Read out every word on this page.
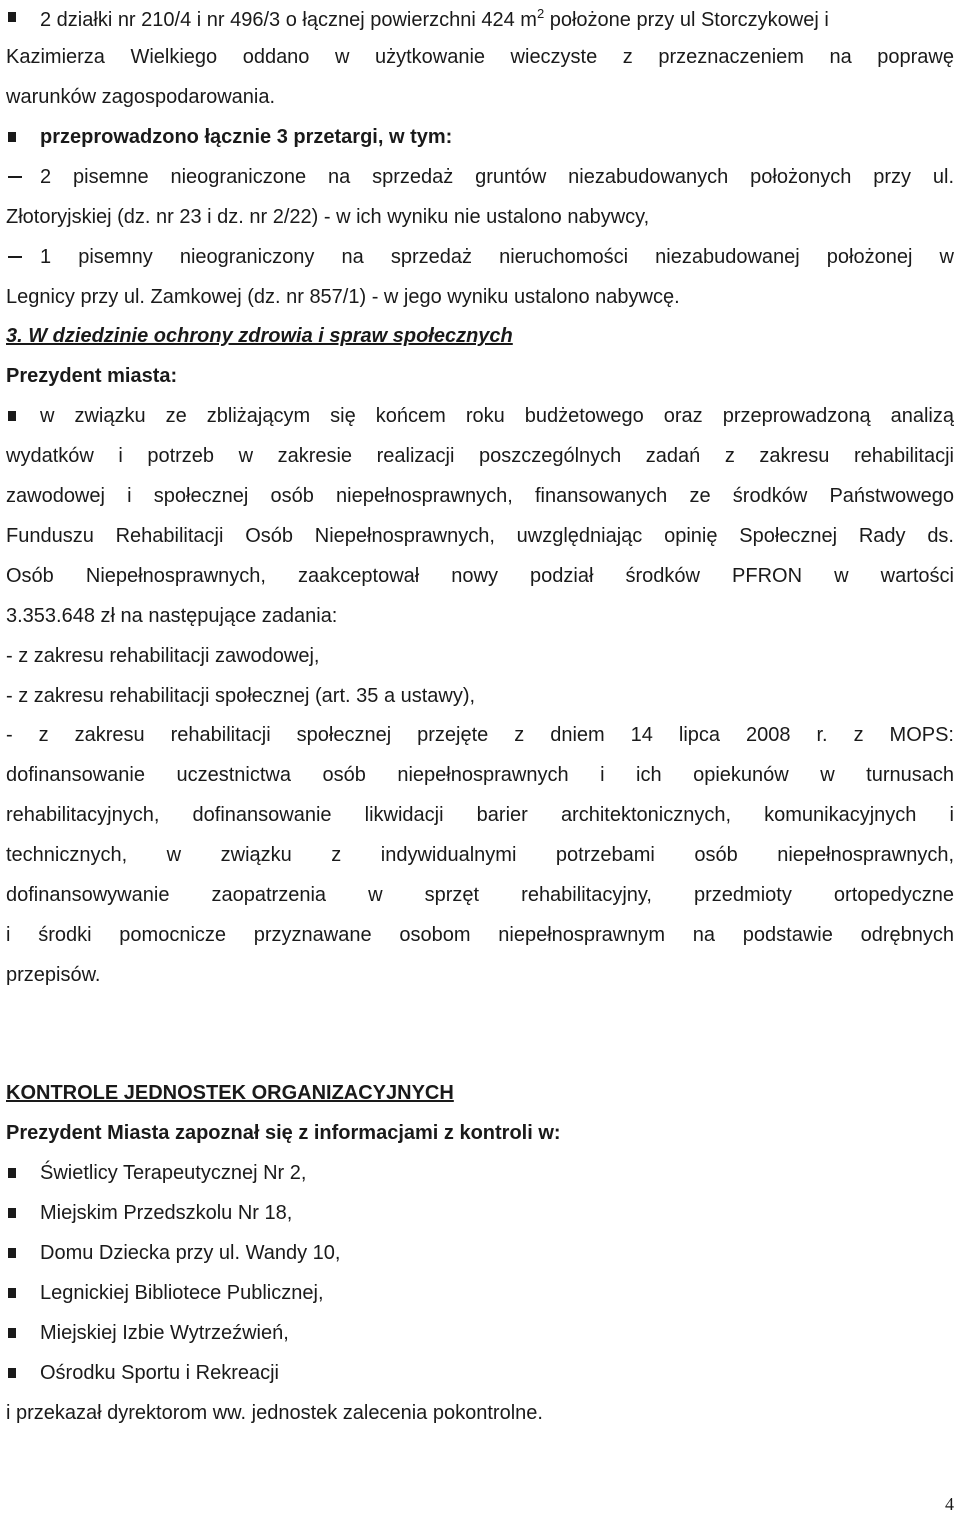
2 działki nr 210/4 i nr 496/3 o łącznej powierzchni 424 $m^2$ położone przy ul Storczykowej i
Kazimierza Wielkiego oddano w użytkowanie wieczyste z przeznaczeniem na poprawę
warunków zagospodarowania.
przeprowadzono łącznie 3 przetargi, w tym:
2 pisemne nieograniczone na sprzedaż gruntów niezabudowanych położonych przy ul.
Złotoryjskiej (dz. nr 23 i dz. nr 2/22) - w ich wyniku nie ustalono nabywcy,
1 pisemny nieograniczony na sprzedaż nieruchomości niezabudowanej położonej w
Legnicy przy ul. Zamkowej (dz. nr 857/1) - w jego wyniku ustalono nabywcę.
3. W dziedzinie ochrony zdrowia i spraw społecznych
Prezydent miasta:
w związku ze zbliżającym się końcem roku budżetowego oraz przeprowadzoną analizą
wydatków i potrzeb w zakresie realizacji poszczególnych zadań z zakresu rehabilitacji
zawodowej i społecznej osób niepełnosprawnych, finansowanych ze środków Państwowego
Funduszu Rehabilitacji Osób Niepełnosprawnych, uwzględniając opinię Społecznej Rady ds.
Osób Niepełnosprawnych, zaakceptował nowy podział środków PFRON w wartości
3.353.648 zł na następujące zadania:
- z zakresu rehabilitacji zawodowej,
- z zakresu rehabilitacji społecznej (art. 35 a ustawy),
- z zakresu rehabilitacji społecznej przejęte z dniem 14 lipca 2008 r. z MOPS:
dofinansowanie uczestnictwa osób niepełnosprawnych i ich opiekunów w turnusach
rehabilitacyjnych, dofinansowanie likwidacji barier architektonicznych, komunikacyjnych i
technicznych, w związku z indywidualnymi potrzebami osób niepełnosprawnych,
dofinansowywanie zaopatrzenia w sprzęt rehabilitacyjny, przedmioty ortopedyczne
i środki pomocnicze przyznawane osobom niepełnosprawnym na podstawie odrębnych
przepisów.
KONTROLE JEDNOSTEK ORGANIZACYJNYCH
Prezydent Miasta zapoznał się z informacjami z kontroli w:
Świetlicy Terapeutycznej Nr 2,
Miejskim Przedszkolu Nr 18,
Domu Dziecka przy ul. Wandy 10,
Legnickiej Bibliotece Publicznej,
Miejskiej Izbie Wytrzeźwień,
Ośrodku Sportu i Rekreacji
i przekazał dyrektorom ww. jednostek zalecenia pokontrolne.
4
